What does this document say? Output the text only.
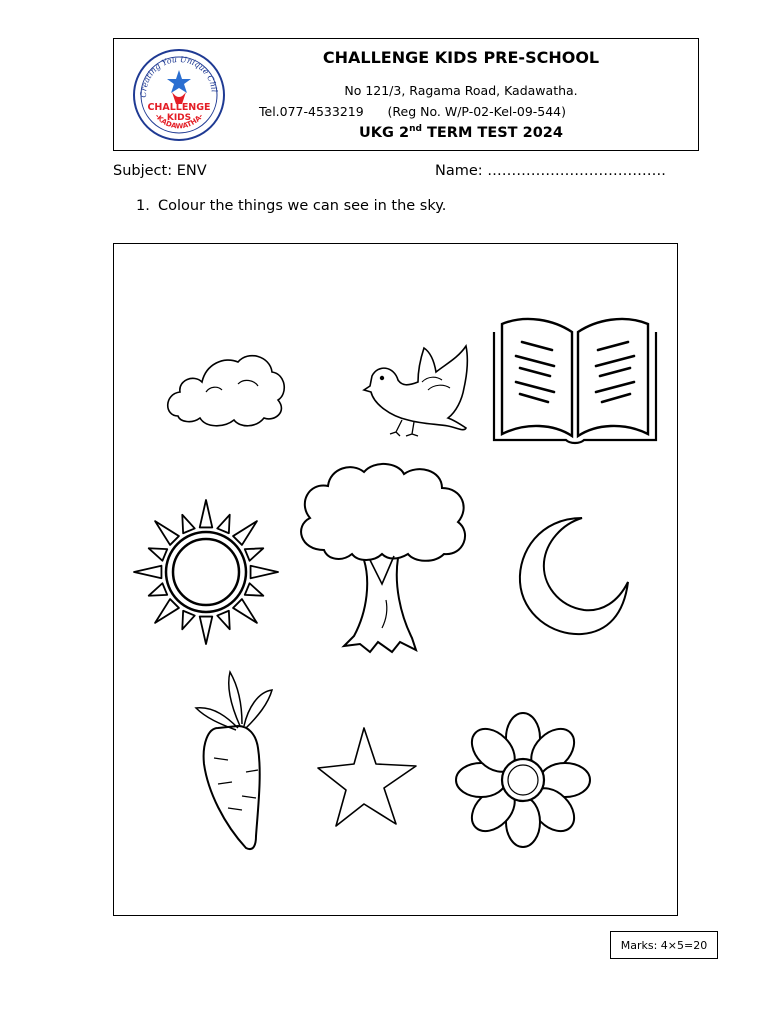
Creating You Unique Child
CHALLENGE
KIDS
-KADAWATHA-
CHALLENGE KIDS PRE-SCHOOL
No 121/3, Ragama Road, Kadawatha.
Tel.077-4533219 (Reg No. W/P-02-Kel-09-544)
UKG 2nd TERM TEST 2024
Subject: ENV	Name: ……………………………….
1. Colour the things we can see in the sky.
Marks: 4×5=20
